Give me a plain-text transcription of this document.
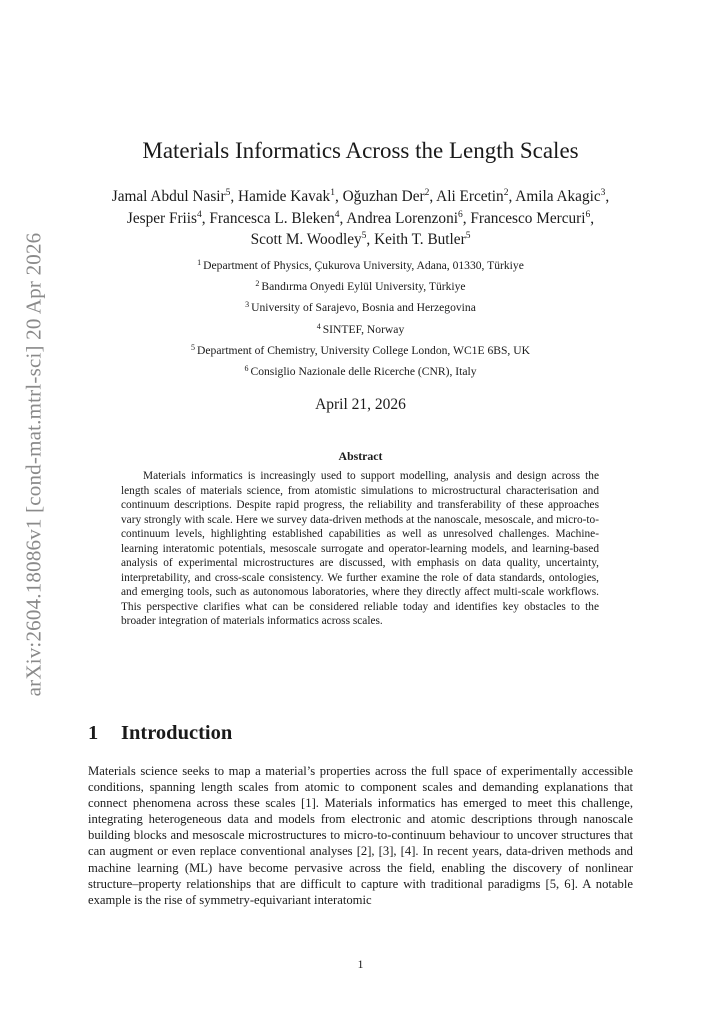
arXiv:2604.18086v1 [cond-mat.mtrl-sci] 20 Apr 2026
Materials Informatics Across the Length Scales
Jamal Abdul Nasir$^5$, Hamide Kavak$^1$, Oğuzhan Der$^2$, Ali Ercetin$^2$, Amila Akagic$^3$,
Jesper Friis$^4$, Francesca L. Bleken$^4$, Andrea Lorenzoni$^6$, Francesco Mercuri$^6$,
Scott M. Woodley$^5$, Keith T. Butler$^5$
$^1$ Department of Physics, Çukurova University, Adana, 01330, Türkiye
$^2$ Bandırma Onyedi Eylül University, Türkiye
$^3$ University of Sarajevo, Bosnia and Herzegovina
$^4$ SINTEF, Norway
$^5$ Department of Chemistry, University College London, WC1E 6BS, UK
$^6$ Consiglio Nazionale delle Ricerche (CNR), Italy
April 21, 2026
Abstract
Materials informatics is increasingly used to support modelling, analysis and design across the length scales of materials science, from atomistic simulations to microstructural characterisation and continuum descriptions. Despite rapid progress, the reliability and transferability of these approaches vary strongly with scale. Here we survey data-driven methods at the nanoscale, mesoscale, and micro-to-continuum levels, highlighting established capabilities as well as unresolved challenges. Machine-learning interatomic potentials, mesoscale surrogate and operator-learning models, and learning-based analysis of experimental microstructures are discussed, with emphasis on data quality, uncertainty, interpretability, and cross-scale consistency. We further examine the role of data standards, ontologies, and emerging tools, such as autonomous laboratories, where they directly affect multi-scale workflows. This perspective clarifies what can be considered reliable today and identifies key obstacles to the broader integration of materials informatics across scales.
1 Introduction
Materials science seeks to map a material’s properties across the full space of experimentally accessible conditions, spanning length scales from atomic to component scales and demanding explanations that connect phenomena across these scales [1]. Materials informatics has emerged to meet this challenge, integrating heterogeneous data and models from electronic and atomic descriptions through nanoscale building blocks and mesoscale microstructures to micro-to-continuum behaviour to uncover structures that can augment or even replace conventional analyses [2], [3], [4]. In recent years, data-driven methods and machine learning (ML) have become pervasive across the field, enabling the discovery of nonlinear structure–property relationships that are difficult to capture with traditional paradigms [5, 6]. A notable example is the rise of symmetry-equivariant interatomic
1
